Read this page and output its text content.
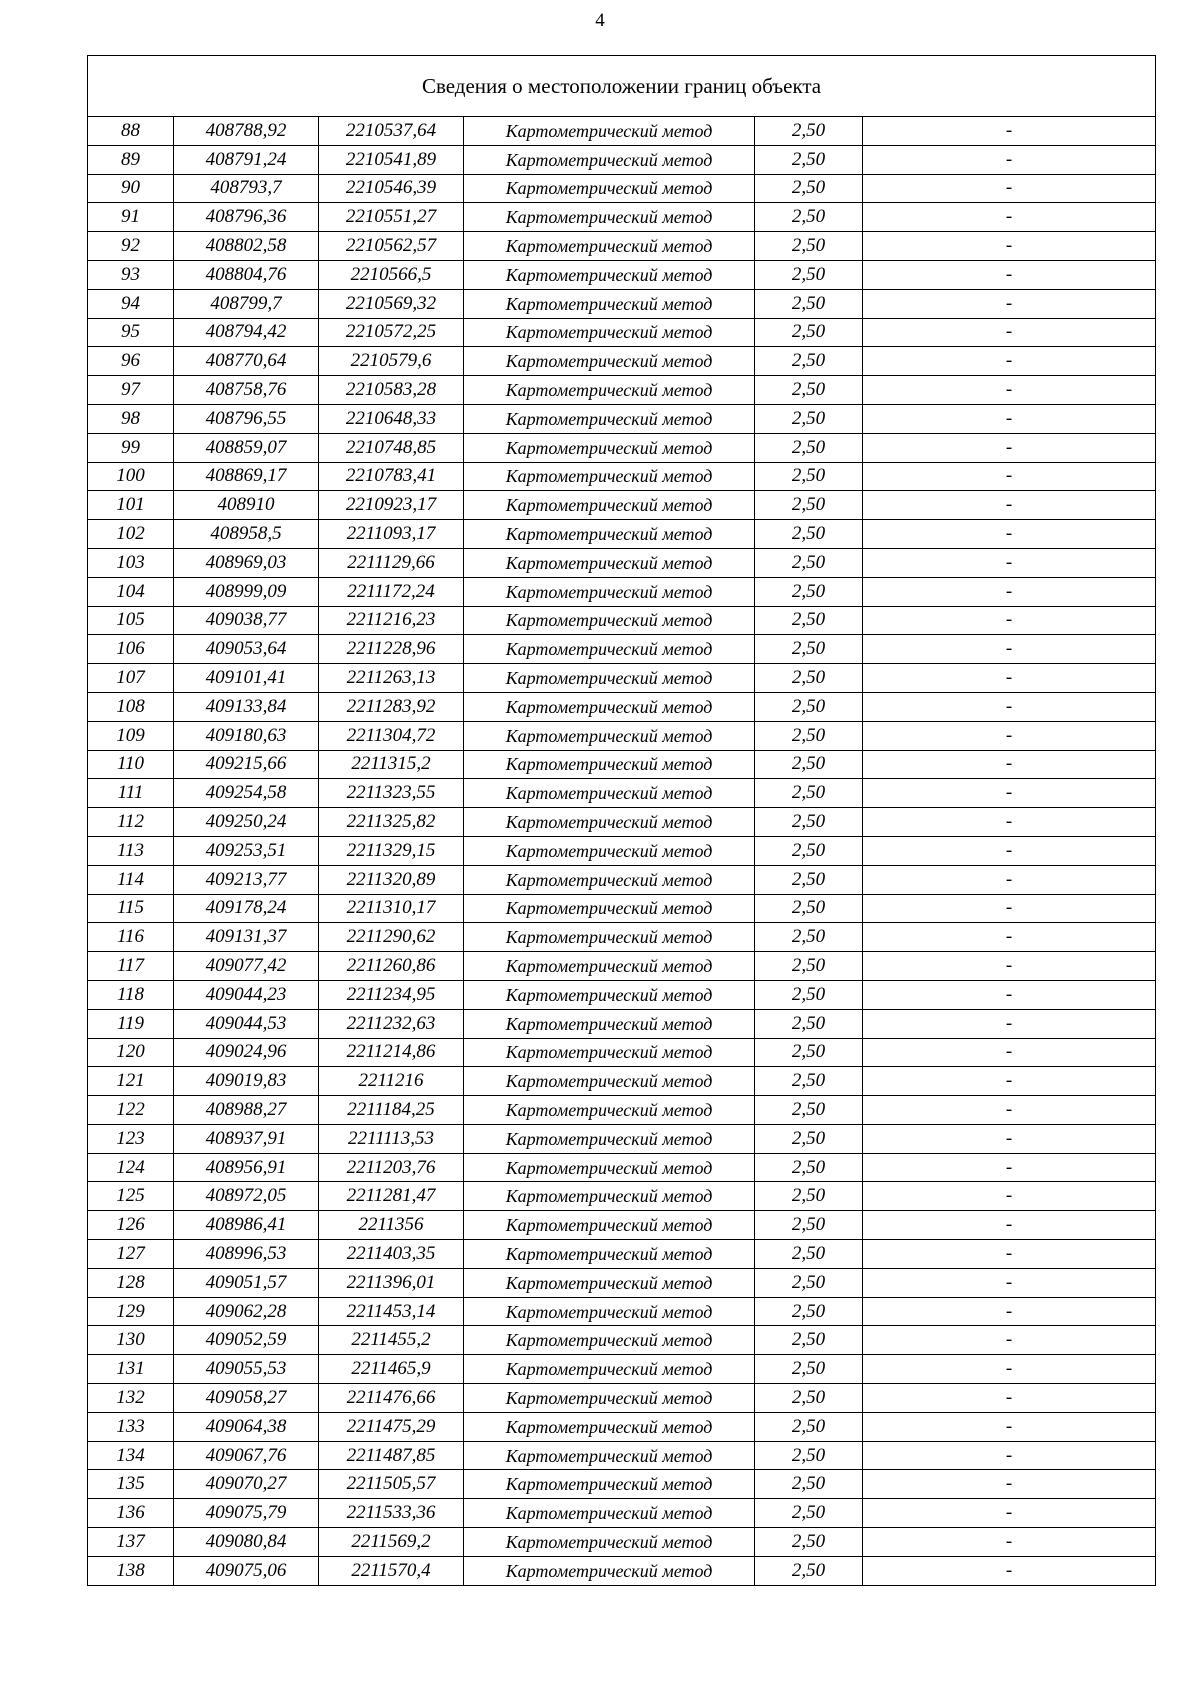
4
Сведения о местоположении границ объекта					
88	408788,92	2210537,64	Картометрический метод	2,50	-
89	408791,24	2210541,89	Картометрический метод	2,50	-
90	408793,7	2210546,39	Картометрический метод	2,50	-
91	408796,36	2210551,27	Картометрический метод	2,50	-
92	408802,58	2210562,57	Картометрический метод	2,50	-
93	408804,76	2210566,5	Картометрический метод	2,50	-
94	408799,7	2210569,32	Картометрический метод	2,50	-
95	408794,42	2210572,25	Картометрический метод	2,50	-
96	408770,64	2210579,6	Картометрический метод	2,50	-
97	408758,76	2210583,28	Картометрический метод	2,50	-
98	408796,55	2210648,33	Картометрический метод	2,50	-
99	408859,07	2210748,85	Картометрический метод	2,50	-
100	408869,17	2210783,41	Картометрический метод	2,50	-
101	408910	2210923,17	Картометрический метод	2,50	-
102	408958,5	2211093,17	Картометрический метод	2,50	-
103	408969,03	2211129,66	Картометрический метод	2,50	-
104	408999,09	2211172,24	Картометрический метод	2,50	-
105	409038,77	2211216,23	Картометрический метод	2,50	-
106	409053,64	2211228,96	Картометрический метод	2,50	-
107	409101,41	2211263,13	Картометрический метод	2,50	-
108	409133,84	2211283,92	Картометрический метод	2,50	-
109	409180,63	2211304,72	Картометрический метод	2,50	-
110	409215,66	2211315,2	Картометрический метод	2,50	-
111	409254,58	2211323,55	Картометрический метод	2,50	-
112	409250,24	2211325,82	Картометрический метод	2,50	-
113	409253,51	2211329,15	Картометрический метод	2,50	-
114	409213,77	2211320,89	Картометрический метод	2,50	-
115	409178,24	2211310,17	Картометрический метод	2,50	-
116	409131,37	2211290,62	Картометрический метод	2,50	-
117	409077,42	2211260,86	Картометрический метод	2,50	-
118	409044,23	2211234,95	Картометрический метод	2,50	-
119	409044,53	2211232,63	Картометрический метод	2,50	-
120	409024,96	2211214,86	Картометрический метод	2,50	-
121	409019,83	2211216	Картометрический метод	2,50	-
122	408988,27	2211184,25	Картометрический метод	2,50	-
123	408937,91	2211113,53	Картометрический метод	2,50	-
124	408956,91	2211203,76	Картометрический метод	2,50	-
125	408972,05	2211281,47	Картометрический метод	2,50	-
126	408986,41	2211356	Картометрический метод	2,50	-
127	408996,53	2211403,35	Картометрический метод	2,50	-
128	409051,57	2211396,01	Картометрический метод	2,50	-
129	409062,28	2211453,14	Картометрический метод	2,50	-
130	409052,59	2211455,2	Картометрический метод	2,50	-
131	409055,53	2211465,9	Картометрический метод	2,50	-
132	409058,27	2211476,66	Картометрический метод	2,50	-
133	409064,38	2211475,29	Картометрический метод	2,50	-
134	409067,76	2211487,85	Картометрический метод	2,50	-
135	409070,27	2211505,57	Картометрический метод	2,50	-
136	409075,79	2211533,36	Картометрический метод	2,50	-
137	409080,84	2211569,2	Картометрический метод	2,50	-
138	409075,06	2211570,4	Картометрический метод	2,50	-
